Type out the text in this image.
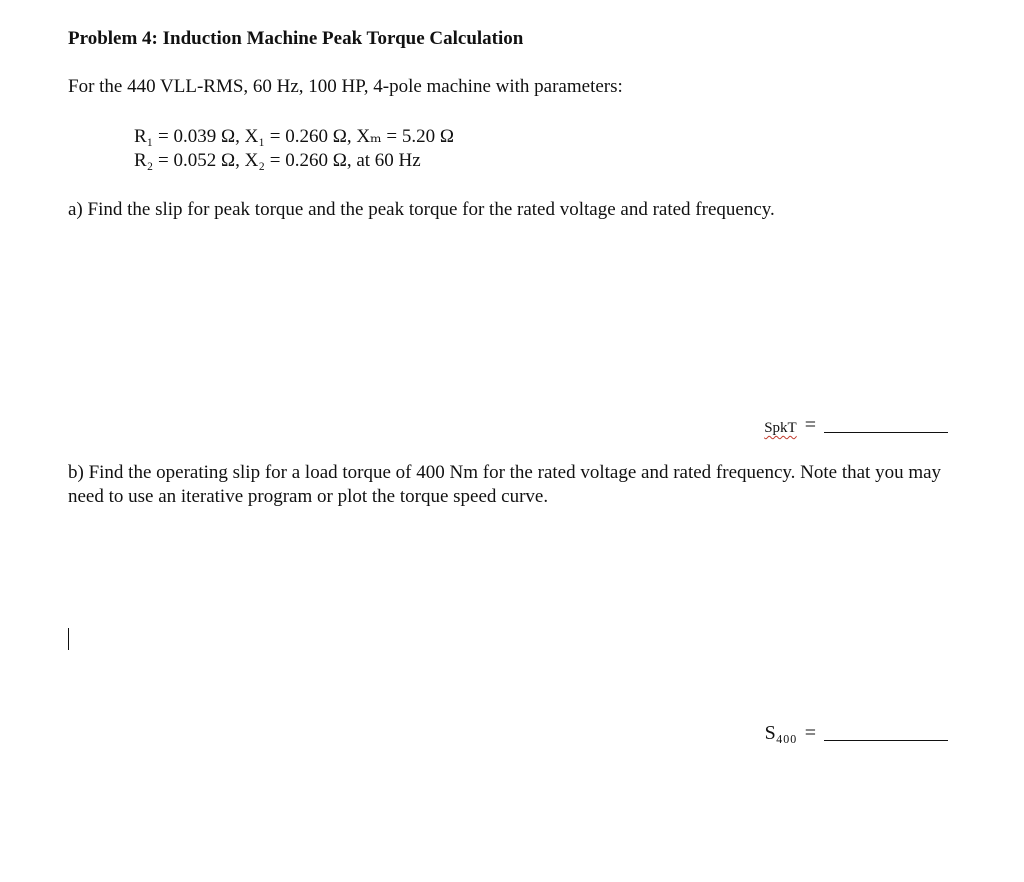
Problem 4: Induction Machine Peak Torque Calculation
For the 440 VLL-RMS, 60 Hz, 100 HP, 4-pole machine with parameters:
R₁ = 0.039 Ω, X₁ = 0.260 Ω, Xₘ = 5.20 Ω
R₂ = 0.052 Ω, X₂ = 0.260 Ω, at 60 Hz
a) Find the slip for peak torque and the peak torque for the rated voltage and rated frequency.
SpkT =
b) Find the operating slip for a load torque of 400 Nm for the rated voltage and rated frequency. Note that you may need to use an iterative program or plot the torque speed curve.
S₄₀₀ =
